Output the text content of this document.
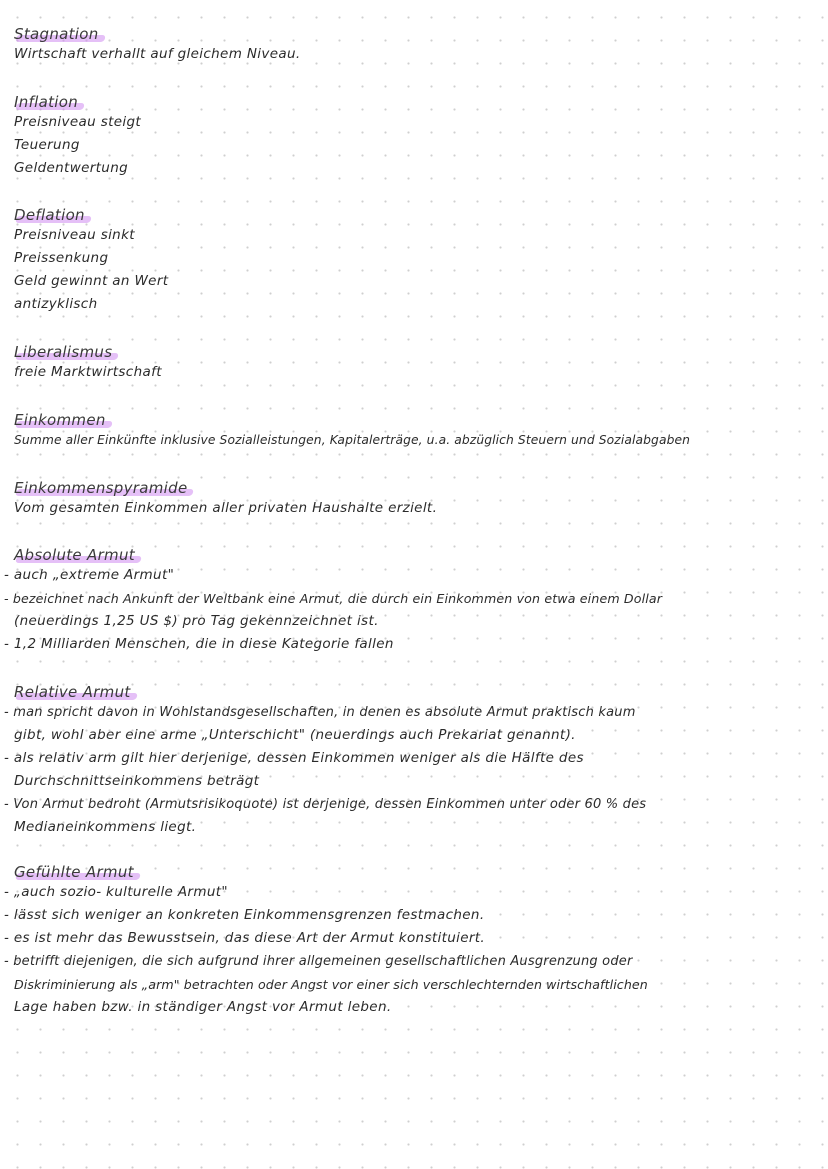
Stagnation
Wirtschaft verhallt auf gleichem Niveau.
Inflation
Preisniveau steigt
Teuerung
Geldentwertung
Deflation
Preisniveau sinkt
Preissenkung
Geld gewinnt an Wert
antizyklisch
Liberalismus
freie Marktwirtschaft
Einkommen
Summe aller Einkünfte inklusive Sozialleistungen, Kapitalerträge, u.a. abzüglich Steuern und Sozialabgaben
Einkommenspyramide
Vom gesamten Einkommen aller privaten Haushalte erzielt.
Absolute Armut
- auch „extreme Armut"
- bezeichnet nach Ankunft der Weltbank eine Armut, die durch ein Einkommen von etwa einem Dollar
(neuerdings 1,25 US $) pro Tag gekennzeichnet ist.
- 1,2 Milliarden Menschen, die in diese Kategorie fallen
Relative Armut
- man spricht davon in Wohlstandsgesellschaften, in denen es absolute Armut praktisch kaum
gibt, wohl aber eine arme „Unterschicht" (neuerdings auch Prekariat genannt).
- als relativ arm gilt hier derjenige, dessen Einkommen weniger als die Hälfte des
Durchschnittseinkommens beträgt
- Von Armut bedroht (Armutsrisikoquote) ist derjenige, dessen Einkommen unter oder 60 % des
Medianeinkommens liegt.
Gefühlte Armut
- „auch sozio- kulturelle Armut"
- lässt sich weniger an konkreten Einkommensgrenzen festmachen.
- es ist mehr das Bewusstsein, das diese Art der Armut konstituiert.
- betrifft diejenigen, die sich aufgrund ihrer allgemeinen gesellschaftlichen Ausgrenzung oder
Diskriminierung als „arm" betrachten oder Angst vor einer sich verschlechternden wirtschaftlichen
Lage haben bzw. in ständiger Angst vor Armut leben.
